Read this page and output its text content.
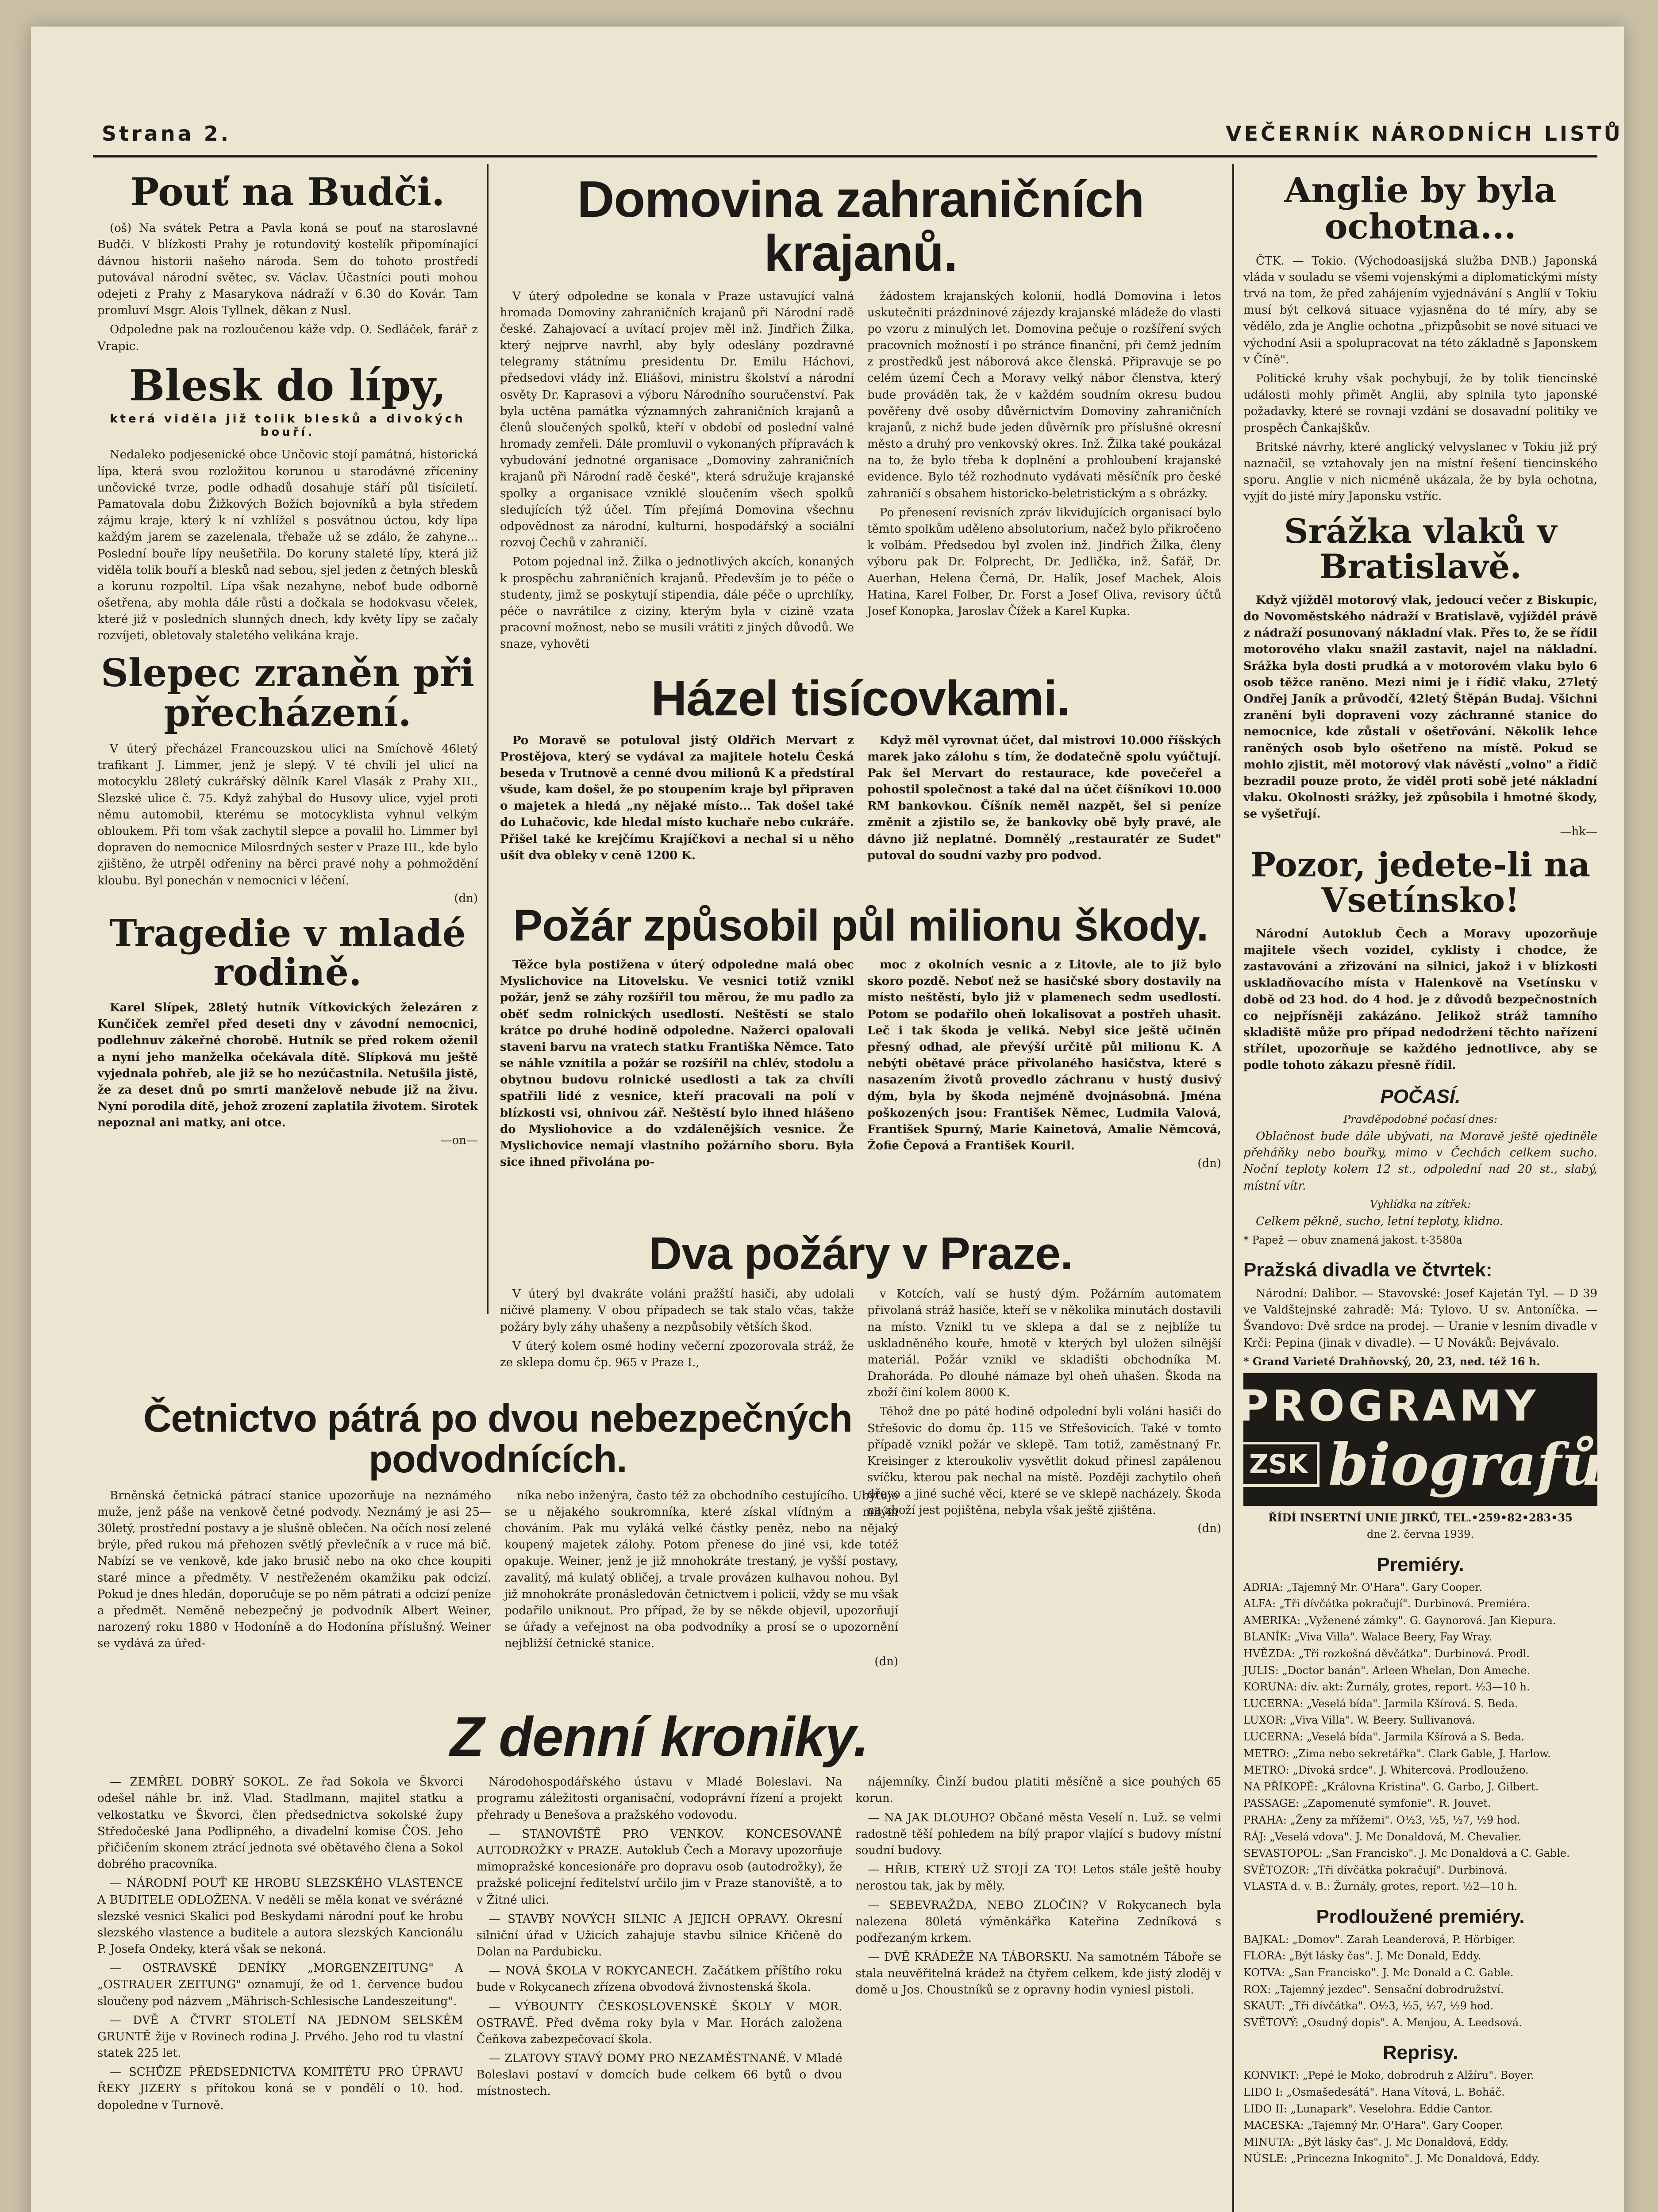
Strana 2.	VEČERNÍK NÁRODNÍCH LISTŮ
Pouť na Budči.

(oš) Na svátek Petra a Pavla koná se pouť na staroslavné Budči. V blízkosti Prahy je rotundovitý kostelík připomínající dávnou historii našeho národa. Sem do tohoto prostředí putovával národní světec, sv. Václav. Účastníci pouti mohou odejeti z Prahy z Masarykova nádraží v 6.30 do Kovár. Tam promluví Msgr. Alois Tyllnek, děkan z Nusl.

Odpoledne pak na rozloučenou káže vdp. O. Sedláček, farář z Vrapic.

Blesk do lípy,
která viděla již tolik blesků a divokých bouří.

Nedaleko podjesenické obce Unčovic stojí památná, historická lípa, která svou rozložitou korunou u starodávné zříceniny unčovické tvrze, podle odhadů dosahuje stáří půl tisíciletí. Pamatovala dobu Žižkových Božích bojovníků a byla středem zájmu kraje, který k ní vzhlížel s posvátnou úctou, kdy lípa každým jarem se zazelenala, třebaže už se zdálo, že zahyne... Poslední bouře lípy neušetřila. Do koruny staleté lípy, která již viděla tolik bouří a blesků nad sebou, sjel jeden z četných blesků a korunu rozpoltil. Lípa však nezahyne, neboť bude odborně ošetřena, aby mohla dále růsti a dočkala se hodokvasu včelek, které již v posledních slunných dnech, kdy květy lípy se začaly rozvíjeti, obletovaly staletého velikána kraje.

Slepec zraněn při přecházení.

V úterý přecházel Francouzskou ulici na Smíchově 46letý trafikant J. Limmer, jenž je slepý. V té chvíli jel ulicí na motocyklu 28letý cukrářský dělník Karel Vlasák z Prahy XII., Slezské ulice č. 75. Když zahýbal do Husovy ulice, vyjel proti němu automobil, kterému se motocyklista vyhnul velkým obloukem. Při tom však zachytil slepce a povalil ho. Limmer byl dopraven do nemocnice Milosrdných sester v Praze III., kde bylo zjištěno, že utrpěl odřeniny na běrci pravé nohy a pohmoždění kloubu. Byl ponechán v nemocnici v léčení.

(dn)
Tragedie v mladé rodině.

Karel Slípek, 28letý hutník Vítkovických železáren z Kunčiček zemřel před deseti dny v závodní nemocnici, podlehnuv zákeřné chorobě. Hutník se před rokem oženil a nyní jeho manželka očekávala dítě. Slípková mu ještě vyjednala pohřeb, ale již se ho nezúčastnila. Netušila jistě, že za deset dnů po smrti manželově nebude již na živu. Nyní porodila dítě, jehož zrození zaplatila životem. Sirotek nepoznal ani matky, ani otce.

—on—
Domovina zahraničních krajanů.

V úterý odpoledne se konala v Praze ustavující valná hromada Domoviny zahraničních krajanů při Národní radě české. Zahajovací a uvítací projev měl inž. Jindřich Žilka, který nejprve navrhl, aby byly odeslány pozdravné telegramy státnímu presidentu Dr. Emilu Háchovi, předsedovi vlády inž. Eliášovi, ministru školství a národní osvěty Dr. Kaprasovi a výboru Národního souručenství. Pak byla uctěna památka významných zahraničních krajanů a členů sloučených spolků, kteří v období od poslední valné hromady zemřeli. Dále promluvil o vykonaných přípravách k vybudování jednotné organisace „Domoviny zahraničních krajanů při Národní radě české", která sdružuje krajanské spolky a organisace vzniklé sloučením všech spolků sledujících týž účel. Tím přejímá Domovina všechnu odpovědnost za národní, kulturní, hospodářský a sociální rozvoj Čechů v zahraničí.

Potom pojednal inž. Žilka o jednotlivých akcích, konaných k prospěchu zahraničních krajanů. Především je to péče o studenty, jimž se poskytují stipendia, dále péče o uprchlíky, péče o navrátilce z ciziny, kterým byla v cizině vzata pracovní možnost, nebo se musili vrátiti z jiných důvodů. We snaze, vyhověti

žádostem krajanských kolonií, hodlá Domovina i letos uskutečniti prázdninové zájezdy krajanské mládeže do vlasti po vzoru z minulých let. Domovina pečuje o rozšíření svých pracovních možností i po stránce finanční, při čemž jedním z prostředků jest náborová akce členská. Připravuje se po celém území Čech a Moravy velký nábor členstva, který bude prováděn tak, že v každém soudním okresu budou pověřeny dvě osoby důvěrnictvím Domoviny zahraničních krajanů, z nichž bude jeden důvěrník pro příslušné okresní město a druhý pro venkovský okres. Inž. Žilka také poukázal na to, že bylo třeba k doplnění a prohloubení krajanské evidence. Bylo též rozhodnuto vydávati měsíčník pro české zahraničí s obsahem historicko-beletristickým a s obrázky.

Po přenesení revisních zpráv likvidujících organisací bylo těmto spolkům uděleno absolutorium, načež bylo přikročeno k volbám. Předsedou byl zvolen inž. Jindřich Žilka, členy výboru pak Dr. Folprecht, Dr. Jedlička, inž. Šafář, Dr. Auerhan, Helena Černá, Dr. Halík, Josef Machek, Alois Hatina, Karel Folber, Dr. Forst a Josef Oliva, revisory účtů Josef Konopka, Jaroslav Čížek a Karel Kupka.

Házel tisícovkami.

Po Moravě se potuloval jistý Oldřich Mervart z Prostějova, který se vydával za majitele hotelu Česká beseda v Trutnově a cenné dvou milionů K a předstíral všude, kam došel, že po stoupením kraje byl připraven o majetek a hledá „ny nějaké místo... Tak došel také do Luhačovic, kde hledal místo kuchaře nebo cukráře. Přišel také ke krejčímu Krajíčkovi a nechal si u něho ušít dva obleky v ceně 1200 K.

Když měl vyrovnat účet, dal mistrovi 10.000 říšských marek jako zálohu s tím, že dodatečně spolu vyúčtují. Pak šel Mervart do restaurace, kde povečeřel a pohostil společnost a také dal na účet číšníkovi 10.000 RM bankovkou. Číšník neměl nazpět, šel si peníze změnit a zjistilo se, že bankovky obě byly pravé, ale dávno již neplatné. Domnělý „restauratér ze Sudet" putoval do soudní vazby pro podvod.

Požár způsobil půl milionu škody.

Těžce byla postižena v úterý odpoledne malá obec Myslichovice na Litovelsku. Ve vesnici totiž vznikl požár, jenž se záhy rozšířil tou měrou, že mu padlo za oběť sedm rolnických usedlostí. Neštěstí se stalo krátce po druhé hodině odpoledne. Nažerci opalovali staveni barvu na vratech statku Františka Němce. Tato se náhle vznítila a požár se rozšířil na chlév, stodolu a obytnou budovu rolnické usedlosti a tak za chvíli spatřili lidé z vesnice, kteří pracovali na polí v blízkosti vsi, ohnivou zář. Neštěstí bylo ihned hlášeno do Mysliohovice a do vzdálenějších vesnice. Že Myslichovice nemají vlastního požárního sboru. Byla sice ihned přivolána po-

moc z okolních vesnic a z Litovle, ale to již bylo skoro pozdě. Neboť než se hasičské sbory dostavily na místo neštěstí, bylo již v plamenech sedm usedlostí. Potom se podařilo oheň lokalisovat a postřeh uhasit. Leč i tak škoda je veliká. Nebyl sice ještě učiněn přesný odhad, ale převýší určitě půl milionu K. A nebýti obětavé práce přivolaného hasičstva, které s nasazením životů provedlo záchranu v hustý dusivý dým, byla by škoda nejméně dvojnásobná. Jména poškozených jsou: František Němec, Ludmila Valová, František Spurný, Marie Kainetová, Amalie Němcová, Žofie Čepová a František Kouril.

(dn)
Dva požáry v Praze.

V úterý byl dvakráte voláni pražští hasiči, aby udolali ničivé plameny. V obou případech se tak stalo včas, takže požáry byly záhy uhašeny a nezpůsobily větších škod.

V úterý kolem osmé hodiny večerní zpozorovala stráž, že ze sklepa domu čp. 965 v Praze I.,

v Kotcích, valí se hustý dým. Požárním automatem přivolaná stráž hasiče, kteří se v několika minutách dostavili na místo. Vznikl tu ve sklepa a dal se z nejblíže tu uskladněného kouře, hmotě v kterých byl uložen silnější materiál. Požár vznikl ve skladišti obchodníka M. Drahoráda. Po dlouhé námaze byl oheň uhašen. Škoda na zboží činí kolem 8000 K.

Téhož dne po páté hodině odpolední byli voláni hasiči do Střešovic do domu čp. 115 ve Střešovicích. Také v tomto případě vznikl požár ve sklepě. Tam totiž, zaměstnaný Fr. Kreisinger z kteroukoliv vysvětlit dokud přinesl zapálenou svíčku, kterou pak nechal na místě. Později zachytilo oheň dřevo a jiné suché věci, které se ve sklepě nacházely. Škoda na zboží jest pojištěna, nebyla však ještě zjištěna.

(dn)
Četnictvo pátrá po dvou nebezpečných podvodnících.

Brněnská četnická pátrací stanice upozorňuje na neznámého muže, jenž páše na venkově četné podvody. Neznámý je asi 25—30letý, prostřední postavy a je slušně oblečen. Na očích nosí zelené brýle, před rukou má přehozen světlý převlečník a v ruce má bič. Nabízí se ve venkově, kde jako brusič nebo na oko chce koupiti staré mince a předměty. V nestřeženém okamžiku pak odcizí. Pokud je dnes hledán, doporučuje se po něm pátrati a odcizí peníze a předmět. Neměně nebezpečný je podvodník Albert Weiner, narozený roku 1880 v Hodoníně a do Hodonína příslušný. Weiner se vydává za úřed-

níka nebo inženýra, často též za obchodního cestujícího. Ubytuje se u nějakého soukromníka, které získal vlídným a milým chováním. Pak mu vyláká velké částky peněz, nebo na nějaký koupený majetek zálohy. Potom přenese do jiné vsi, kde totéž opakuje. Weiner, jenž je již mnohokráte trestaný, je vyšší postavy, zavalitý, má kulatý obličej, a trvale provázen kulhavou nohou. Byl již mnohokráte pronásledován četnictvem i policií, vždy se mu však podařilo uniknout. Pro případ, že by se někde objevil, upozorňují se úřady a veřejnost na oba podvodníky a prosí se o upozornění nejbližší četnické stanice.

(dn)
Z denní kroniky.

— ZEMŘEL DOBRÝ SOKOL. Ze řad Sokola ve Škvorci odešel náhle br. inž. Vlad. Stadlmann, majitel statku a velkostatku ve Škvorci, člen předsednictva sokolské župy Středočeské Jana Podlipného, a divadelní komise ČOS. Jeho přičičením skonem ztrácí jednota své obětavého člena a Sokol dobrého pracovníka.

— NÁRODNÍ POUŤ KE HROBU SLEZSKÉHO VLASTENCE A BUDITELE ODLOŽENA. V neděli se měla konat ve svérázné slezské vesnici Skalici pod Beskydami národní pouť ke hrobu slezského vlastence a buditele a autora slezských Kancionálu P. Josefa Ondeky, která však se nekoná.

— OSTRAVSKÉ DENÍKY „MORGENZEITUNG" A „OSTRAUER ZEITUNG" oznamují, že od 1. července budou sloučeny pod názvem „Mährisch-Schlesische Landeszeitung".

— DVĚ A ČTVRT STOLETÍ NA JEDNOM SELSKÉM GRUNTĚ žije v Rovinech rodina J. Prvého. Jeho rod tu vlastní statek 225 let.

— SCHŮZE PŘEDSEDNICTVA KOMITÉTU PRO ÚPRAVU ŘEKY JIZERY s přítokou koná se v pondělí o 10. hod. dopoledne v Turnově.

Národohospodářského ústavu v Mladé Boleslavi. Na programu záležitosti organisační, vodoprávní řízení a projekt přehrady u Benešova a pražského vodovodu.

— STANOVIŠTĚ PRO VENKOV. KONCESOVANÉ AUTODROŽKY v PRAZE. Autoklub Čech a Moravy upozorňuje mimopražské koncesionáře pro dopravu osob (autodrožky), že pražské policejní ředitelství určilo jim v Praze stanoviště, a to v Žitné ulici.

— STAVBY NOVÝCH SILNIC A JEJICH OPRAVY. Okresní silniční úřad v Užicích zahajuje stavbu silnice Křičeně do Dolan na Pardubicku.

— NOVÁ ŠKOLA V ROKYCANECH. Začátkem příštího roku bude v Rokycanech zřízena obvodová živnostenská škola.

— VÝBOUNTY ČESKOSLOVENSKÉ ŠKOLY V MOR. OSTRAVĚ. Před dvěma roky byla v Mar. Horách založena Čeňkova zabezpečovací škola.

— ZLATOVY STAVÝ DOMY PRO NEZAMĚSTNANÉ. V Mladé Boleslavi postaví v domcích bude celkem 66 bytů o dvou místnostech.

nájemníky. Činží budou platiti měsíčně a sice pouhých 65 korun.

— NA JAK DLOUHO? Občané města Veselí n. Luž. se velmi radostně těší pohledem na bílý prapor vlající s budovy místní soudní budovy.

— HŘIB, KTERÝ UŽ STOJÍ ZA TO! Letos stále ještě houby nerostou tak, jak by měly.

— SEBEVRAŽDA, NEBO ZLOČIN? V Rokycanech byla nalezena 80letá výměnkářka Kateřina Zedníková s podřezaným krkem.

— DVĚ KRÁDEŽE NA TÁBORSKU. Na samotném Táboře se stala neuvěřitelná krádež na čtyřem celkem, kde jistý zloděj v domě u Jos. Choustníků se z opravny hodin vyniesl pistoli.

Anglie by byla ochotna...

ČTK. — Tokio. (Východoasijská služba DNB.) Japonská vláda v souladu se všemi vojenskými a diplomatickými místy trvá na tom, že před zahájením vyjednávání s Anglií v Tokiu musí být celková situace vyjasněna do té míry, aby se vědělo, zda je Anglie ochotna „přizpůsobit se nové situaci ve východní Asii a spolupracovat na této základně s Japonskem v Číně".

Politické kruhy však pochybují, že by tolik tiencinské události mohly přimět Anglii, aby splnila tyto japonské požadavky, které se rovnají vzdání se dosavadní politiky ve prospěch Čankajškův.

Britské návrhy, které anglický velvyslanec v Tokiu již prý naznačil, se vztahovaly jen na místní řešení tiencinského sporu. Anglie v nich nicméně ukázala, že by byla ochotna, vyjít do jisté míry Japonsku vstříc.

Srážka vlaků v Bratislavě.

Když vjížděl motorový vlak, jedoucí večer z Biskupic, do Novoměstského nádraží v Bratislavě, vyjíždél právě z nádraží posunovaný nákladní vlak. Přes to, že se řídil motorového vlaku snažil zastavit, najel na nákladní. Srážka byla dosti prudká a v motorovém vlaku bylo 6 osob těžce raněno. Mezi nimi je i řídič vlaku, 27letý Ondřej Janík a průvodčí, 42letý Štěpán Budaj. Všichni zranění byli dopraveni vozy záchranné stanice do nemocnice, kde zůstali v ošetřování. Několik lehce raněných osob bylo ošetřeno na místě. Pokud se mohlo zjistit, měl motorový vlak návěstí „volno" a řidič bezradil pouze proto, že viděl proti sobě jeté nákladní vlaku. Okolnosti srážky, jež způsobila i hmotné škody, se vyšetřují.

—hk—
Pozor, jedete-li na Vsetínsko!

Národní Autoklub Čech a Moravy upozorňuje majitele všech vozidel, cyklisty i chodce, že zastavování a zřizování na silnici, jakož i v blízkosti uskladňovacího místa v Halenkově na Vsetínsku v době od 23 hod. do 4 hod. je z důvodů bezpečnostních co nejpřísněji zakázáno. Jelikož stráž tamního skladiště může pro případ nedodržení těchto nařízení střílet, upozorňuje se každého jednotlivce, aby se podle tohoto zákazu přesně řídil.

POČASÍ.

Pravděpodobné počasí dnes:

Oblačnost bude dále ubývati, na Moravě ještě ojediněle přeháňky nebo bouřky, mimo v Čechách celkem sucho. Noční teploty kolem 12 st., odpolední nad 20 st., slabý, místní vítr.

Vyhlídka na zítřek:

Celkem pěkně, sucho, letní teploty, klidno.

* Papež — obuv znamená jakost. t-3580a

Pražská divadla ve čtvrtek:

Národní: Dalibor. — Stavovské: Josef Kajetán Tyl. — D 39 ve Valdštejnské zahradě: Má: Tylovo. U sv. Antoníčka. — Švandovo: Dvě srdce na prodej. — Uranie v lesním divadle v Krči: Pepina (jinak v divadle). — U Nováků: Bejvávalo.

* Grand Varieté Drahňovský, 20, 23, ned. též 16 h.

PROGRAMY
ZSK biografů

ŘÍDÍ INSERTNÍ UNIE JIRKŮ, TEL.•259•82•283•35

dne 2. června 1939.

Premiéry.

ADRIA: „Tajemný Mr. O'Hara". Gary Cooper.

ALFA: „Tři dívčátka pokračují". Durbinová. Premiéra.

AMERIKA: „Vyženené zámky". G. Gaynorová. Jan Kiepura.

BLANÍK: „Viva Villa". Walace Beery, Fay Wray.

HVĚZDA: „Tři rozkošná děvčátka". Durbinová. Prodl.

JULIS: „Doctor banán". Arleen Whelan, Don Ameche.

KORUNA: dív. akt: Žurnály, grotes, report. ½3—10 h.

LUCERNA: „Veselá bída". Jarmila Kšírová. S. Beda.

LUXOR: „Viva Villa". W. Beery. Sullivanová.

LUCERNA: „Veselá bída". Jarmila Kšírová a S. Beda.

METRO: „Zima nebo sekretářka". Clark Gable, J. Harlow.

METRO: „Divoká srdce". J. Whitercová. Prodlouženo.

NA PŘÍKOPĚ: „Královna Kristina". G. Garbo, J. Gilbert.

PASSAGE: „Zapomenuté symfonie". R. Jouvet.

PRAHA: „Ženy za mřížemi". O½3, ½5, ½7, ½9 hod.

RÁJ: „Veselá vdova". J. Mc Donaldová, M. Chevalier.

SEVASTOPOL: „San Francisko". J. Mc Donaldová a C. Gable.

SVĚTOZOR: „Tři dívčátka pokračují". Durbinová.

VLASTA d. v. B.: Žurnály, grotes, report. ½2—10 h.

Prodloužené premiéry.

BAJKAL: „Domov". Zarah Leanderová, P. Hörbiger.

FLORA: „Být lásky čas". J. Mc Donald, Eddy.

KOTVA: „San Francisko". J. Mc Donald a C. Gable.

ROX: „Tajemný jezdec". Sensační dobrodružství.

SKAUT: „Tři dívčátka". O½3, ½5, ½7, ½9 hod.

SVĚTOVÝ: „Osudný dopis". A. Menjou, A. Leedsová.

Reprisy.

KONVIKT: „Pepé le Moko, dobrodruh z Alžíru". Boyer.

LIDO I: „Osmašedesátá". Hana Vítová, L. Boháč.

LIDO II: „Lunapark". Veselohra. Eddie Cantor.

MACESKA: „Tajemný Mr. O'Hara". Gary Cooper.

MINUTA: „Být lásky čas". J. Mc Donaldová, Eddy.

NÚSLE: „Princezna Inkognito". J. Mc Donaldová, Eddy.
